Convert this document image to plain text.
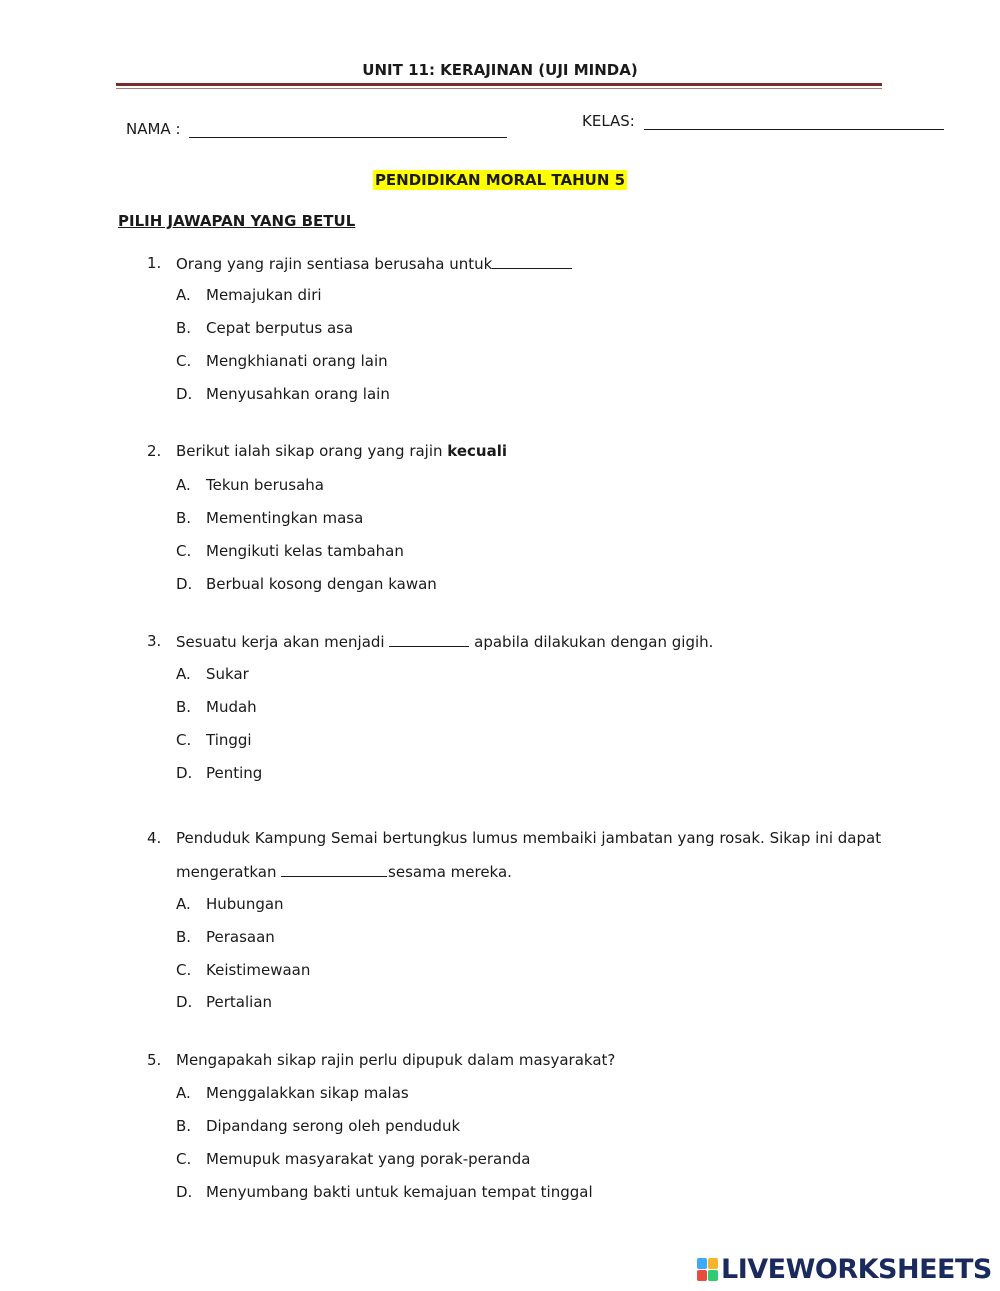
UNIT 11: KERAJINAN (UJI MINDA)
NAMA :	KELAS:
PENDIDIKAN MORAL TAHUN 5
PILIH JAWAPAN YANG BETUL
1. Orang yang rajin sentiasa berusaha untuk
A. Memajukan diri
B. Cepat berputus asa
C. Mengkhianati orang lain
D. Menyusahkan orang lain
2. Berikut ialah sikap orang yang rajin kecuali
A. Tekun berusaha
B. Mementingkan masa
C. Mengikuti kelas tambahan
D. Berbual kosong dengan kawan
3. Sesuatu kerja akan menjadi	apabila dilakukan dengan gigih.
A. Sukar
B. Mudah
C. Tinggi
D. Penting
4. Penduduk Kampung Semai bertungkus lumus membaiki jambatan yang rosak. Sikap ini dapat
mengeratkan	sesama mereka.
A. Hubungan
B. Perasaan
C. Keistimewaan
D. Pertalian
5. Mengapakah sikap rajin perlu dipupuk dalam masyarakat?
A. Menggalakkan sikap malas
B. Dipandang serong oleh penduduk
C. Memupuk masyarakat yang porak-peranda
D. Menyumbang bakti untuk kemajuan tempat tinggal
LIVEWORKSHEETS
